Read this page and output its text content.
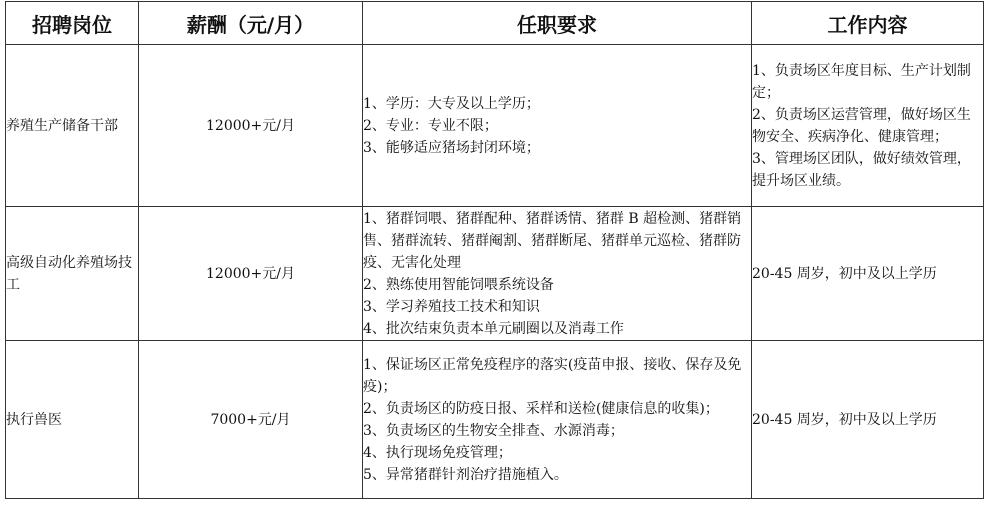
招聘岗位	薪酬（元/月）	任职要求	工作内容
养殖生产储备干部	12000+元/月	1、学历：大专及以上学历；
2、专业：专业不限；
3、能够适应猪场封闭环境；	1、负责场区年度目标、生产计划制定；
2、负责场区运营管理，做好场区生物安全、疾病净化、健康管理；
3、管理场区团队，做好绩效管理，提升场区业绩。

高级自动化养殖场技工	12000+元/月	1、猪群饲喂、猪群配种、猪群诱情、猪群 B 超检测、猪群销售、猪群流转、猪群阉割、猪群断尾、猪群单元巡检、猪群防疫、无害化处理
2、熟练使用智能饲喂系统设备
3、学习养殖技工技术和知识
4、批次结束负责本单元刷圈以及消毒工作	20-45 周岁，初中及以上学历

执行兽医	7000+元/月	1、保证场区正常免疫程序的落实(疫苗申报、接收、保存及免疫)；
2、负责场区的防疫日报、采样和送检(健康信息的收集)；
3、负责场区的生物安全排查、水源消毒；
4、执行现场免疫管理；
5、异常猪群针剂治疗措施植入。	20-45 周岁，初中及以上学历
